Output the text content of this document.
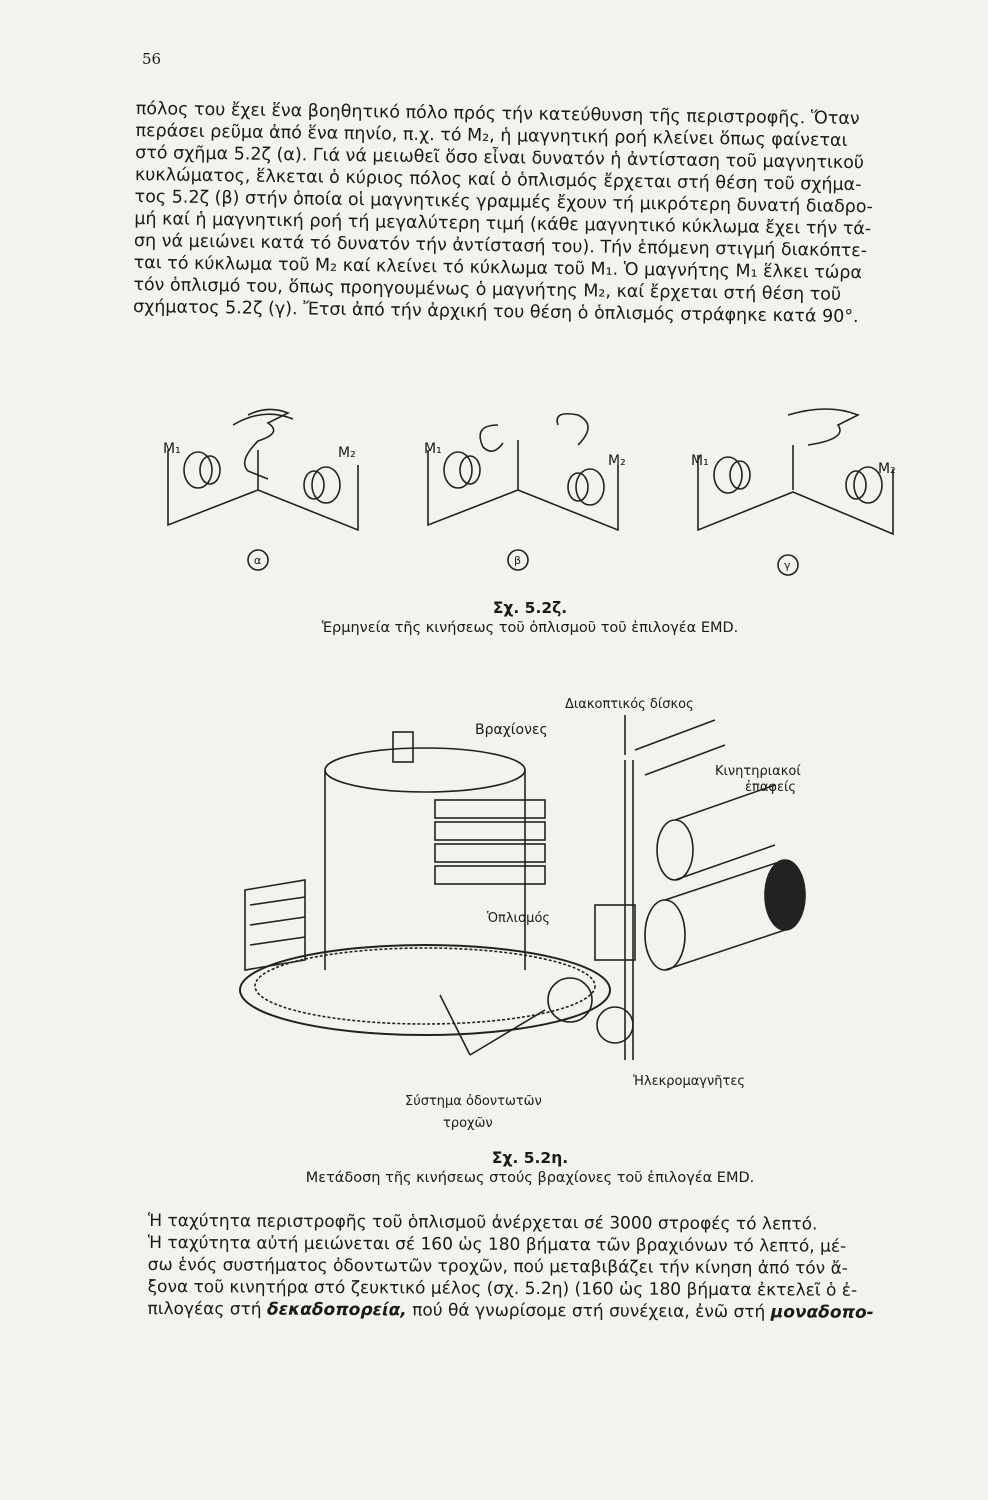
56
πόλος του ἔχει ἕνα βοηθητικό πόλο πρός τήν κατεύθυνση τῆς περιστροφῆς. Ὅταν
περάσει ρεῦμα ἀπό ἕνα πηνίο, π.χ. τό M₂, ἡ μαγνητική ροή κλείνει ὅπως φαίνεται
στό σχῆμα 5.2ζ (α). Γιά νά μειωθεῖ ὅσο εἶναι δυνατόν ἡ ἀντίσταση τοῦ μαγνητικοῦ
κυκλώματος, ἕλκεται ὁ κύριος πόλος καί ὁ ὁπλισμός ἔρχεται στή θέση τοῦ σχήμα-
τος 5.2ζ (β) στήν ὁποία οἱ μαγνητικές γραμμές ἔχουν τή μικρότερη δυνατή διαδρο-
μή καί ἡ μαγνητική ροή τή μεγαλύτερη τιμή (κάθε μαγνητικό κύκλωμα ἔχει τήν τά-
ση νά μειώνει κατά τό δυνατόν τήν ἀντίστασή του). Τήν ἑπόμενη στιγμή διακόπτε-
ται τό κύκλωμα τοῦ M₂ καί κλείνει τό κύκλωμα τοῦ M₁. Ὁ μαγνήτης M₁ ἕλκει τώρα
τόν ὁπλισμό του, ὅπως προηγουμένως ὁ μαγνήτης M₂, καί ἔρχεται στή θέση τοῦ
σχήματος 5.2ζ (γ). Ἔτσι ἀπό τήν ἀρχική του θέση ὁ ὁπλισμός στράφηκε κατά 90°.
M₁	M₂	M₁
M₂	M₁	M₂
α	β	γ
Σχ. 5.2ζ.
Ἑρμηνεία τῆς κινήσεως τοῦ ὁπλισμοῦ τοῦ ἐπιλογέα EMD.
Διακοπτικός δίσκος
Βραχίονες
Κινητηριακοί
ἐπαφείς
Ὁπλισμός
Ἠλεκρομαγνῆτες
Σύστημα ὀδοντωτῶν
τροχῶν
Σχ. 5.2η.
Μετάδοση τῆς κινήσεως στούς βραχίονες τοῦ ἐπιλογέα EMD.
Ἡ ταχύτητα περιστροφῆς τοῦ ὁπλισμοῦ ἀνέρχεται σέ 3000 στροφές τό λεπτό.
Ἡ ταχύτητα αὐτή μειώνεται σέ 160 ὡς 180 βήματα τῶν βραχιόνων τό λεπτό, μέ-
σω ἑνός συστήματος ὀδοντωτῶν τροχῶν, πού μεταβιβάζει τήν κίνηση ἀπό τόν ἄ-
ξονα τοῦ κινητήρα στό ζευκτικό μέλος (σχ. 5.2η) (160 ὡς 180 βήματα ἐκτελεῖ ὁ ἐ-
πιλογέας στή δεκαδοπορεία, πού θά γνωρίσομε στή συνέχεια, ἐνῶ στή μοναδοπο-
